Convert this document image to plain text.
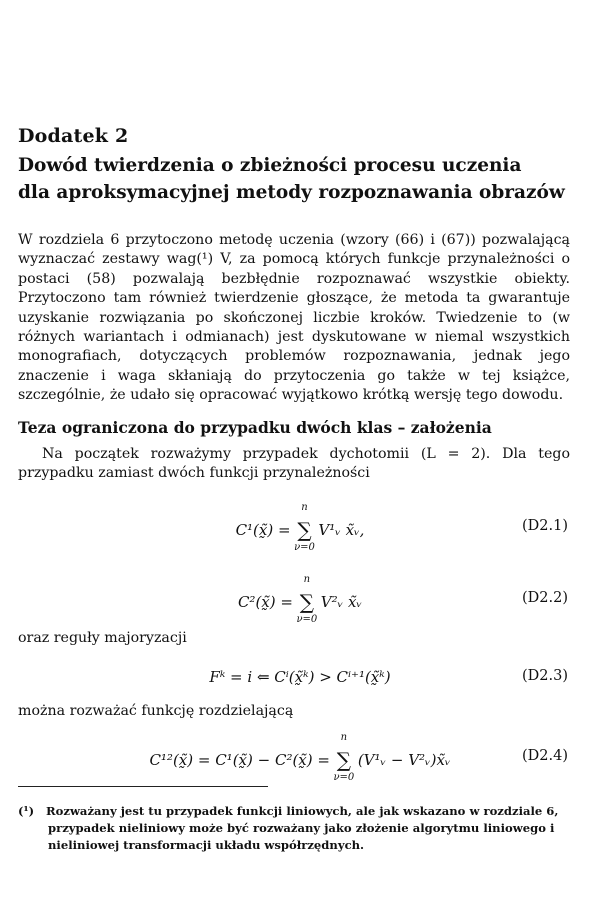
Dodatek 2
Dowód twierdzenia o zbieżności procesu uczenia
dla aproksymacyjnej metody rozpoznawania obrazów
W rozdziela 6 przytoczono metodę uczenia (wzory (66) i (67)) pozwalającą wyznaczać zestawy wag(¹) V, za pomocą których funkcje przynależności o postaci (58) pozwalają bezbłędnie rozpoznawać wszystkie obiekty. Przytoczono tam również twierdzenie głoszące, że metoda ta gwarantuje uzyskanie rozwiązania po skończonej liczbie kroków. Twiedzenie to (w różnych wariantach i odmianach) jest dyskutowane w niemal wszystkich monografiach, dotyczących problemów rozpoznawania, jednak jego znaczenie i waga skłaniają do przytoczenia go także w tej książce, szczególnie, że udało się opracować wyjątkowo krótką wersję tego dowodu.
Teza ograniczona do przypadku dwóch klas – założenia
Na początek rozważymy przypadek dychotomii (L = 2). Dla tego przypadku zamiast dwóch funkcji przynależności
C¹(x̰̃) = ∑
n
ν=0
V¹ᵥ x̃ᵥ,	(D2.1)
C²(x̰̃) = ∑
n
ν=0
V²ᵥ x̃ᵥ	(D2.2)
oraz reguły majoryzacji
Fᵏ = i ⇐ Cⁱ(x̰̃ᵏ) > Cⁱ⁺¹(x̰̃ᵏ)	(D2.3)
można rozważać funkcję rozdzielającą
C¹²(x̰̃) = C¹(x̰̃) − C²(x̰̃) = ∑
n
ν=0
(V¹ᵥ − V²ᵥ)x̃ᵥ	(D2.4)
(¹) Rozważany jest tu przypadek funkcji liniowych, ale jak wskazano w rozdziale 6, przypadek nieliniowy może być rozważany jako złożenie algorytmu liniowego i nieliniowej transformacji układu współrzędnych.
